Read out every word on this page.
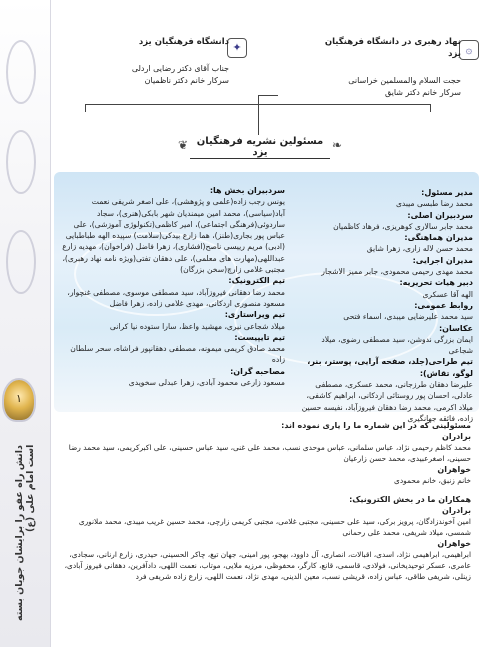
۱
دانش راه عفو را برایشان جویان بسته است امام علی (ع)
۞
نهاد رهبری در دانشگاه فرهنگیان یزد
حجت السلام والمسلمین خراسانی
سرکار خانم دکتر شایق
✦
دانشگاه فرهنگیان یزد
جناب آقای دکتر رضایی اردلی
سرکار خانم دکتر ناظمیان
❦ مسئولین نشریه فرهنگیان یزد
❧
مدیر مسئول:
محمد رضا طبسی میبدی
سردبیران اصلی:
محمد جابر سالاری کوهریزی، فرهاد کاظمیان
مدیران هماهنگی:
محمد حسن لاله زاری، زهرا شایق
مدیران اجرایی:
محمد مهدی رحیمی محمودی، جابر ممیز الاشجار
دبیر هیات تحریریه:
الهه آقا عسکری
روابط عمومی:
سید محمد علیرضایی میبدی، اسماء فتحی
عکاسان:
ایمان بزرگی ندوشن، سید مصطفی رضوی، میلاد شجاعی
تیم طراحی(جلد، صفحه آرایی، پوستر، بنر، لوگو، تقاش):
علیرضا دهقان طرزجانی، محمد عسکری، مصطفی عادلی، احسان پور روستائی اردکانی، ابراهیم کاشفی، میلاد اکرمی، محمد رضا دهقان فیروزآباد، نفیسه حسین زاده، فائقه جهانگیری
سردبیران بخش ها:
یونس رجب زاده(علمی و پژوهشی)، علی اصغر شریفی نعمت آباد(سیاسی)، محمد امین میمندیان شهر بابکی(هنری)، سجاد ساردوئی(فرهنگی اجتماعی)، امیر کاظمی(تکنولوژی آموزشی)، علی عباس پور بجاری(طنز)، هما زارع بیدکی(سلامت) سپیده الهه طباطبایی (ادبی) مریم رییسی ناصح(افشاری)، زهرا فاضل (فراخوان)، مهدیه زارع عبداللهی(مهارت های معلمی)، علی دهقان تفتی(ویژه نامه نهاد رهبری)، مجتبی غلامی زارچ(سخن بزرگان)
تیم الکترونیک:
محمد رضا دهقانی فیروزآباد، سید مصطفی موسوی، مصطفی غنچوار، مسعود منصوری اردکانی، مهدی غلامی زاده، زهرا فاضل
تیم ویراستاری:
میلاد شجاعی نیری، مهشید واعظ، سارا ستوده نیا کرانی
تیم تایپیست:
محمد صادق کریمی میمونه، مصطفی دهقانپور فراشاه، سحر سلطان زاده
مصاحبه گران:
مسعود زارعی محمود آبادی، زهرا عبدلی سخویدی
مسئولینی که در این شماره ما را یاری نموده اند:
برادران
محمد کاظم رحیمی نژاد، عباس سلمانی، عباس موحدی نسب، محمد علی غنی، سید عباس حسینی، علی اکبرکریمی، سید محمد رضا حسینی، اصغرعبیدی، محمد حسن زارعیان
خواهران
خانم زنبق، خانم محمودی
همکاران ما در بخش الکترونیک:
برادران
امین آخوندزادگان، پرویز برکی، سید علی حسینی، مجتبی غلامی، مجتبی کریمی زارچی، محمد حسین غریب میبدی، محمد ملانوری شمسی، میلاد شریفی، محمد علی رحمانی
خواهران
ابراهیمی، ابراهیمی نژاد، اسدی، اقبالات، انصاری، آل داوود، بهجو، پور امینی، جهان تیغ، چاکر الحسینی، حیدری، زارع ارنانی، سجادی، عامری، عسکر توحیدیخانی، فولادی، قاسمی، قانع، کارگر، محفوظی، مرزیه ملایی، موتاب، نعمت اللهی، دادآفرین، دهقانی فیروز آبادی، زینلی، شریفی طاقی، عباس زاده، قریشی نسب، معین الدینی، مهدی نژاد، نعمت اللهی، زارع زاده شریفی فرد
